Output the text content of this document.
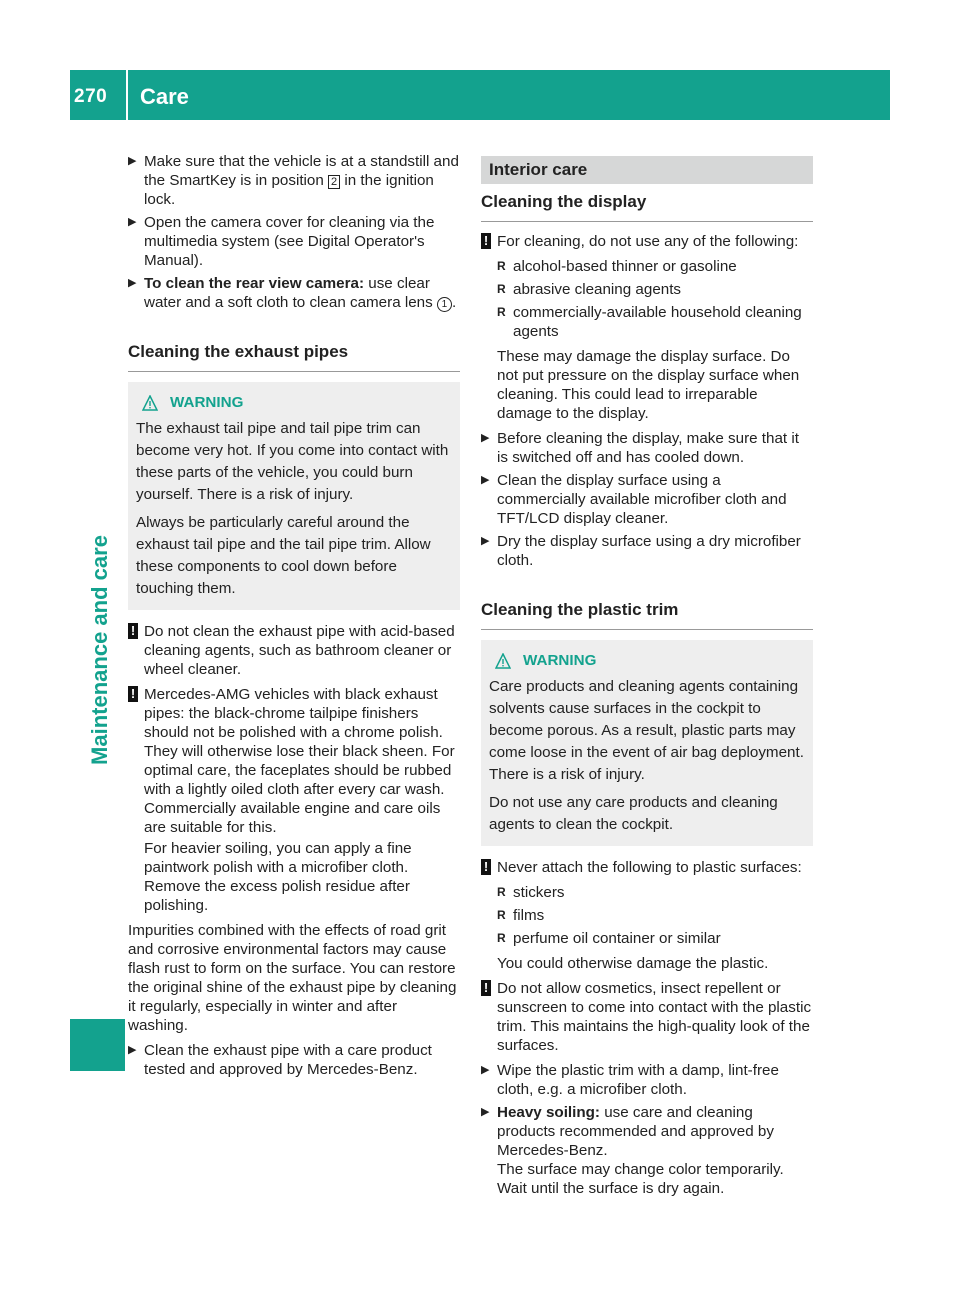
270 Care
Maintenance and care
▶ Make sure that the vehicle is at a standstill and the SmartKey is in position 2 in the ignition lock.
▶ Open the camera cover for cleaning via the multimedia system (see Digital Operator's Manual).
▶ To clean the rear view camera: use clear water and a soft cloth to clean camera lens 1 .
Cleaning the exhaust pipes
WARNING

The exhaust tail pipe and tail pipe trim can become very hot. If you come into contact with these parts of the vehicle, you could burn yourself. There is a risk of injury.

Always be particularly careful around the exhaust tail pipe and the tail pipe trim. Allow these components to cool down before touching them.

! Do not clean the exhaust pipe with acid-based cleaning agents, such as bathroom cleaner or wheel cleaner.

! Mercedes-AMG vehicles with black exhaust pipes: the black-chrome tailpipe finishers should not be polished with a chrome polish. They will otherwise lose their black sheen. For optimal care, the faceplates should be rubbed with a lightly oiled cloth after every car wash. Commercially available engine and care oils are suitable for this.

For heavier soiling, you can apply a fine paintwork polish with a microfiber cloth. Remove the excess polish residue after polishing.

Impurities combined with the effects of road grit and corrosive environmental factors may cause flash rust to form on the surface. You can restore the original shine of the exhaust pipe by cleaning it regularly, especially in winter and after washing.

▶ Clean the exhaust pipe with a care product tested and approved by Mercedes-Benz.
Interior care
Cleaning the display
! For cleaning, do not use any of the following:

R alcohol-based thinner or gasoline
R abrasive cleaning agents
R commercially-available household cleaning agents

These may damage the display surface. Do not put pressure on the display surface when cleaning. This could lead to irreparable damage to the display.

▶ Before cleaning the display, make sure that it is switched off and has cooled down.
▶ Clean the display surface using a commercially available microfiber cloth and TFT/LCD display cleaner.
▶ Dry the display surface using a dry microfiber cloth.
Cleaning the plastic trim
WARNING

Care products and cleaning agents containing solvents cause surfaces in the cockpit to become porous. As a result, plastic parts may come loose in the event of air bag deployment. There is a risk of injury.

Do not use any care products and cleaning agents to clean the cockpit.

! Never attach the following to plastic surfaces:

R stickers
R films
R perfume oil container or similar

You could otherwise damage the plastic.

! Do not allow cosmetics, insect repellent or sunscreen to come into contact with the plastic trim. This maintains the high-quality look of the surfaces.

▶ Wipe the plastic trim with a damp, lint-free cloth, e.g. a microfiber cloth.
▶ Heavy soiling: use care and cleaning products recommended and approved by Mercedes-Benz.
The surface may change color temporarily.
Wait until the surface is dry again.
